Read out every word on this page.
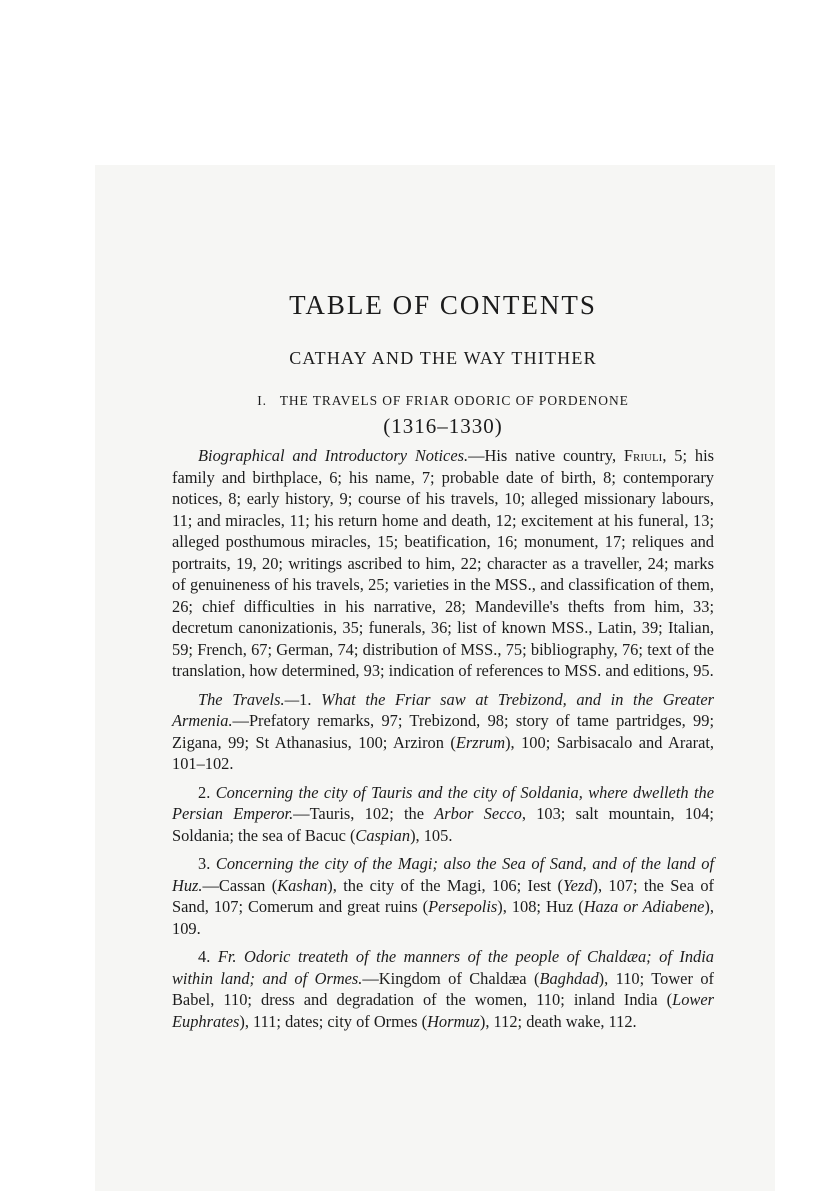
TABLE OF CONTENTS
CATHAY AND THE WAY THITHER
I. THE TRAVELS OF FRIAR ODORIC OF PORDENONE
(1316–1330)

Biographical and Introductory Notices.—His native country, Friuli, 5; his family and birthplace, 6; his name, 7; probable date of birth, 8; contemporary notices, 8; early history, 9; course of his travels, 10; alleged missionary labours, 11; and miracles, 11; his return home and death, 12; excitement at his funeral, 13; alleged posthumous miracles, 15; beatification, 16; monument, 17; reliques and portraits, 19, 20; writings ascribed to him, 22; character as a traveller, 24; marks of genuineness of his travels, 25; varieties in the MSS., and classification of them, 26; chief difficulties in his narrative, 28; Mandeville's thefts from him, 33; decretum canonizationis, 35; funerals, 36; list of known MSS., Latin, 39; Italian, 59; French, 67; German, 74; distribution of MSS., 75; bibliography, 76; text of the translation, how determined, 93; indication of references to MSS. and editions, 95.

The Travels.—1. What the Friar saw at Trebizond, and in the Greater Armenia.—Prefatory remarks, 97; Trebizond, 98; story of tame partridges, 99; Zigana, 99; St Athanasius, 100; Arziron (Erzrum), 100; Sarbisacalo and Ararat, 101–102.

2. Concerning the city of Tauris and the city of Soldania, where dwelleth the Persian Emperor.—Tauris, 102; the Arbor Secco, 103; salt mountain, 104; Soldania; the sea of Bacuc (Caspian), 105.

3. Concerning the city of the Magi; also the Sea of Sand, and of the land of Huz.—Cassan (Kashan), the city of the Magi, 106; Iest (Yezd), 107; the Sea of Sand, 107; Comerum and great ruins (Persepolis), 108; Huz (Haza or Adiabene), 109.

4. Fr. Odoric treateth of the manners of the people of Chaldæa; of India within land; and of Ormes.—Kingdom of Chaldæa (Baghdad), 110; Tower of Babel, 110; dress and degradation of the women, 110; inland India (Lower Euphrates), 111; dates; city of Ormes (Hormuz), 112; death wake, 112.
